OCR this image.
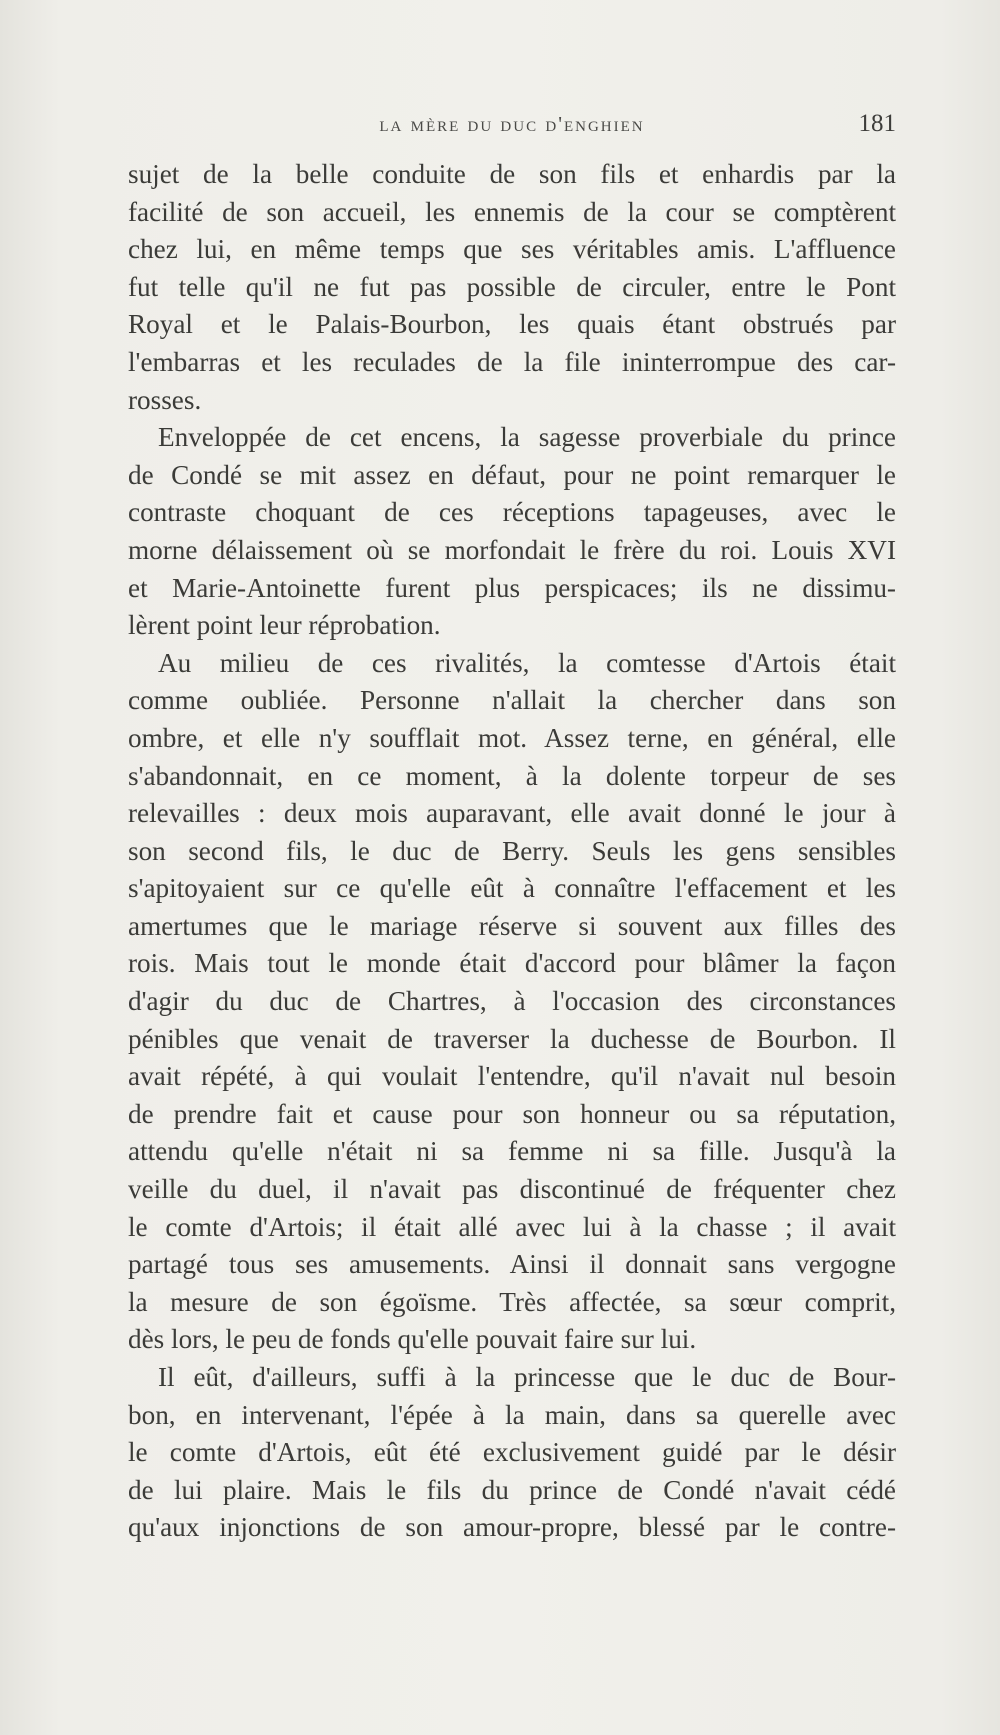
la mère du duc d'enghien	181
sujet de la belle conduite de son fils et enhardis par la
facilité de son accueil, les ennemis de la cour se comptèrent
chez lui, en même temps que ses véritables amis. L'affluence
fut telle qu'il ne fut pas possible de circuler, entre le Pont
Royal et le Palais-Bourbon, les quais étant obstrués par
l'embarras et les reculades de la file ininterrompue des car-
rosses.
Enveloppée de cet encens, la sagesse proverbiale du prince
de Condé se mit assez en défaut, pour ne point remarquer le
contraste choquant de ces réceptions tapageuses, avec le
morne délaissement où se morfondait le frère du roi. Louis XVI
et Marie-Antoinette furent plus perspicaces; ils ne dissimu-
lèrent point leur réprobation.
Au milieu de ces rivalités, la comtesse d'Artois était
comme oubliée. Personne n'allait la chercher dans son
ombre, et elle n'y soufflait mot. Assez terne, en général, elle
s'abandonnait, en ce moment, à la dolente torpeur de ses
relevailles : deux mois auparavant, elle avait donné le jour à
son second fils, le duc de Berry. Seuls les gens sensibles
s'apitoyaient sur ce qu'elle eût à connaître l'effacement et les
amertumes que le mariage réserve si souvent aux filles des
rois. Mais tout le monde était d'accord pour blâmer la façon
d'agir du duc de Chartres, à l'occasion des circonstances
pénibles que venait de traverser la duchesse de Bourbon. Il
avait répété, à qui voulait l'entendre, qu'il n'avait nul besoin
de prendre fait et cause pour son honneur ou sa réputation,
attendu qu'elle n'était ni sa femme ni sa fille. Jusqu'à la
veille du duel, il n'avait pas discontinué de fréquenter chez
le comte d'Artois; il était allé avec lui à la chasse ; il avait
partagé tous ses amusements. Ainsi il donnait sans vergogne
la mesure de son égoïsme. Très affectée, sa sœur comprit,
dès lors, le peu de fonds qu'elle pouvait faire sur lui.
Il eût, d'ailleurs, suffi à la princesse que le duc de Bour-
bon, en intervenant, l'épée à la main, dans sa querelle avec
le comte d'Artois, eût été exclusivement guidé par le désir
de lui plaire. Mais le fils du prince de Condé n'avait cédé
qu'aux injonctions de son amour-propre, blessé par le contre-
